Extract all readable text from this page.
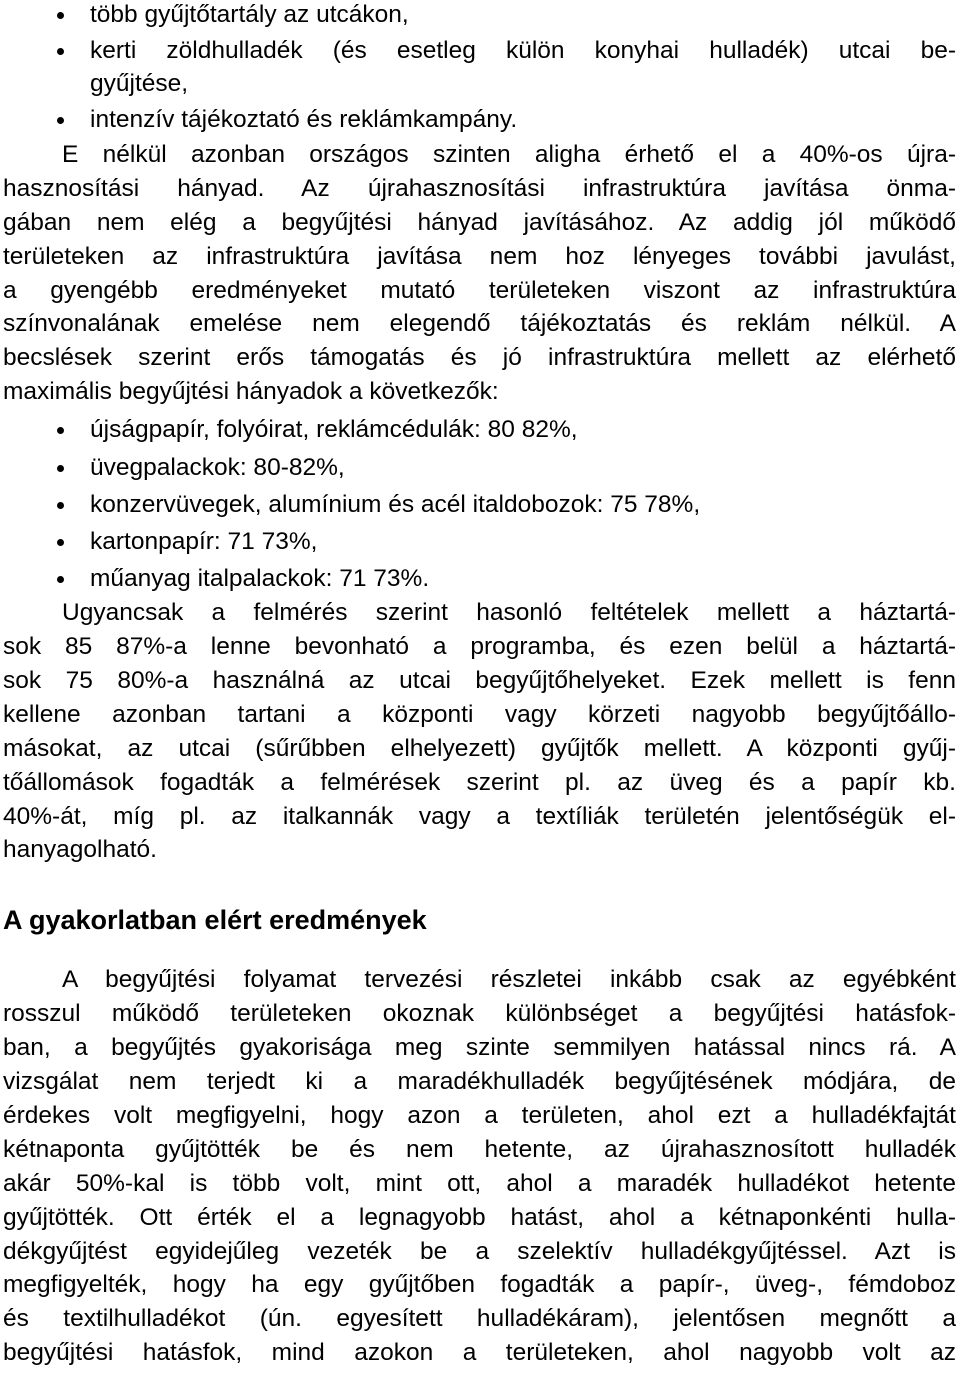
több gyűjtőtartály az utcákon,
kerti zöldhulladék (és esetleg külön konyhai hulladék) utcai be-
gyűjtése,
intenzív tájékoztató és reklámkampány.
E nélkül azonban országos szinten aligha érhető el a 40%-os újra-
hasznosítási hányad. Az újrahasznosítási infrastruktúra javítása önma-
gában nem elég a begyűjtési hányad javításához. Az addig jól működő
területeken az infrastruktúra javítása nem hoz lényeges további javulást,
a gyengébb eredményeket mutató területeken viszont az infrastruktúra
színvonalának emelése nem elegendő tájékoztatás és reklám nélkül. A
becslések szerint erős támogatás és jó infrastruktúra mellett az elérhető
maximális begyűjtési hányadok a következők:
újságpapír, folyóirat, reklámcédulák: 80 82%,
üvegpalackok: 80-82%,
konzervüvegek, alumínium és acél italdobozok: 75 78%,
kartonpapír: 71 73%,
műanyag italpalackok: 71 73%.
Ugyancsak a felmérés szerint hasonló feltételek mellett a háztartá-
sok 85 87%-a lenne bevonható a programba, és ezen belül a háztartá-
sok 75 80%-a használná az utcai begyűjtőhelyeket. Ezek mellett is fenn
kellene azonban tartani a központi vagy körzeti nagyobb begyűjtőállo-
másokat, az utcai (sűrűbben elhelyezett) gyűjtők mellett. A központi gyűj-
tőállomások fogadták a felmérések szerint pl. az üveg és a papír kb.
40%-át, míg pl. az italkannák vagy a textíliák területén jelentőségük el-
hanyagolható.
A gyakorlatban elért eredmények
A begyűjtési folyamat tervezési részletei inkább csak az egyébként
rosszul működő területeken okoznak különbséget a begyűjtési hatásfok-
ban, a begyűjtés gyakorisága meg szinte semmilyen hatással nincs rá. A
vizsgálat nem terjedt ki a maradékhulladék begyűjtésének módjára, de
érdekes volt megfigyelni, hogy azon a területen, ahol ezt a hulladékfajtát
kétnaponta gyűjtötték be és nem hetente, az újrahasznosított hulladék
akár 50%-kal is több volt, mint ott, ahol a maradék hulladékot hetente
gyűjtötték. Ott érték el a legnagyobb hatást, ahol a kétnaponkénti hulla-
dékgyűjtést egyidejűleg vezeték be a szelektív hulladékgyűjtéssel. Azt is
megfigyelték, hogy ha egy gyűjtőben fogadták a papír-, üveg-, fémdoboz
és textilhulladékot (ún. egyesített hulladékáram), jelentősen megnőtt a
begyűjtési hatásfok, mind azokon a területeken, ahol nagyobb volt az
